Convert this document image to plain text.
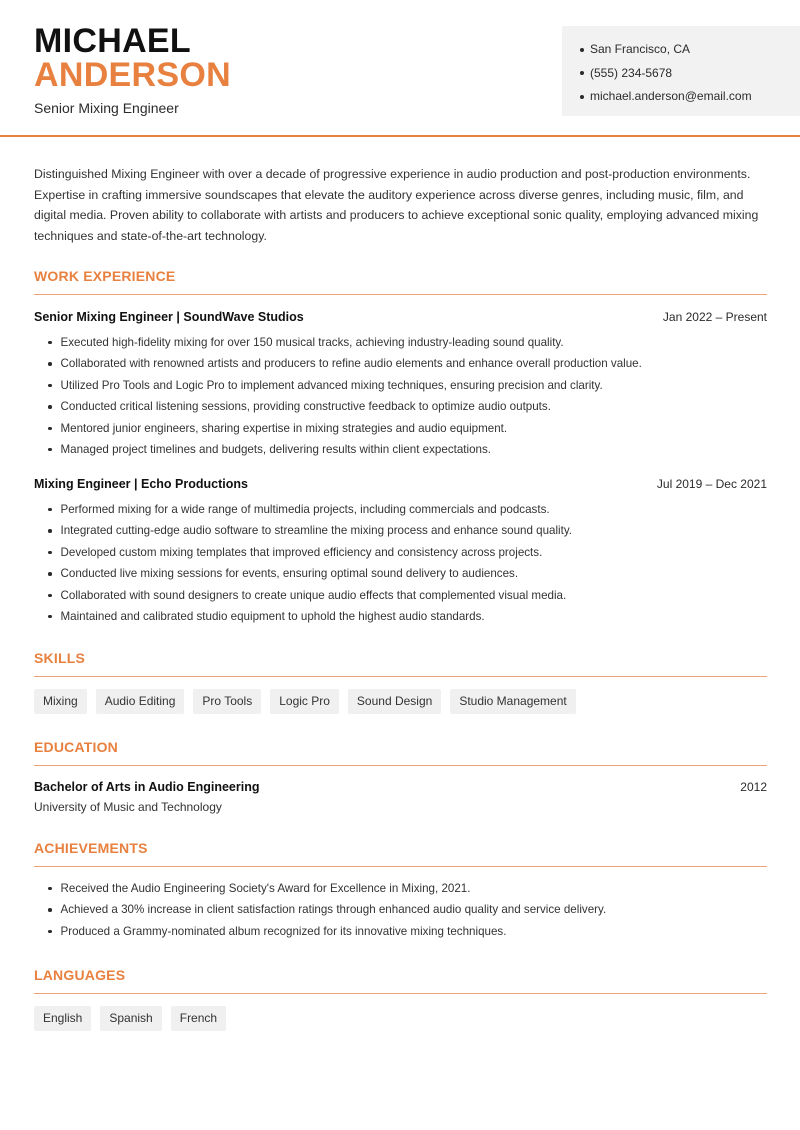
MICHAEL
ANDERSON
Senior Mixing Engineer
San Francisco, CA
(555) 234-5678
michael.anderson@email.com

Distinguished Mixing Engineer with over a decade of progressive experience in audio production and post-production environments. Expertise in crafting immersive soundscapes that elevate the auditory experience across diverse genres, including music, film, and digital media. Proven ability to collaborate with artists and producers to achieve exceptional sonic quality, employing advanced mixing techniques and state-of-the-art technology.

WORK EXPERIENCE
Senior Mixing Engineer | SoundWave Studios	Jan 2022 – Present
Executed high-fidelity mixing for over 150 musical tracks, achieving industry-leading sound quality.
Collaborated with renowned artists and producers to refine audio elements and enhance overall production value.
Utilized Pro Tools and Logic Pro to implement advanced mixing techniques, ensuring precision and clarity.
Conducted critical listening sessions, providing constructive feedback to optimize audio outputs.
Mentored junior engineers, sharing expertise in mixing strategies and audio equipment.
Managed project timelines and budgets, delivering results within client expectations.
Mixing Engineer | Echo Productions	Jul 2019 – Dec 2021
Performed mixing for a wide range of multimedia projects, including commercials and podcasts.
Integrated cutting-edge audio software to streamline the mixing process and enhance sound quality.
Developed custom mixing templates that improved efficiency and consistency across projects.
Conducted live mixing sessions for events, ensuring optimal sound delivery to audiences.
Collaborated with sound designers to create unique audio effects that complemented visual media.
Maintained and calibrated studio equipment to uphold the highest audio standards.
SKILLS
Mixing	Audio Editing	Pro Tools	Logic Pro	Sound Design	Studio Management
EDUCATION
Bachelor of Arts in Audio Engineering	2012
University of Music and Technology
ACHIEVEMENTS
Received the Audio Engineering Society's Award for Excellence in Mixing, 2021.
Achieved a 30% increase in client satisfaction ratings through enhanced audio quality and service delivery.
Produced a Grammy-nominated album recognized for its innovative mixing techniques.
LANGUAGES
English	Spanish	French
